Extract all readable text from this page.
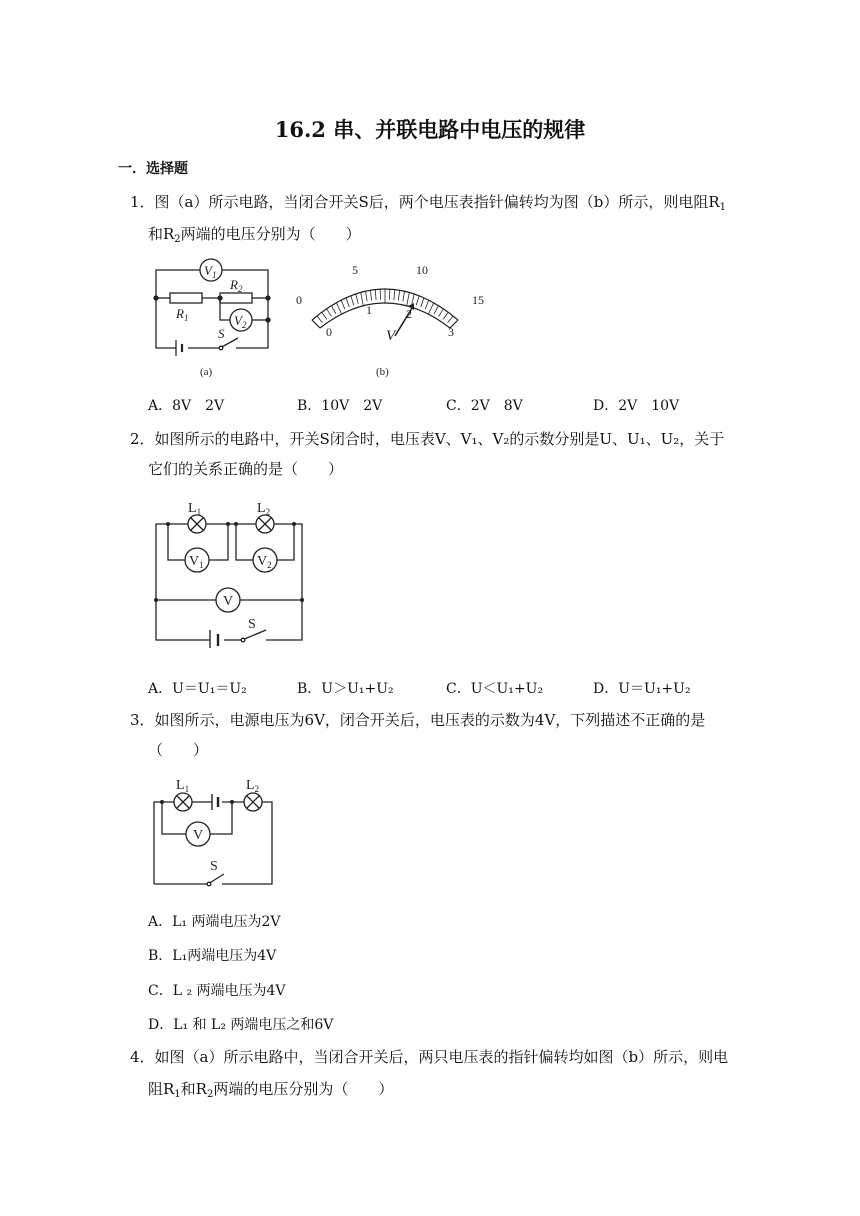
16.2 串、并联电路中电压的规律
一．选择题
1．图（a）所示电路，当闭合开关S后，两个电压表指针偏转均为图（b）所示，则电阻$R_1$
和$R_2$两端的电压分别为（　　）
$V_1$
$V_2$
$R_1$
$R_2$
S
(a)
0
5	10
15
0
1	2
3
V
(b)
A．8V　2V	B．10V　2V	C．2V　8V	D．2V　10V
2．如图所示的电路中，开关S闭合时，电压表V、V₁、V₂的示数分别是U、U₁、U₂，关于
它们的关系正确的是（　　）
$L_1$	$L_2$
$V_1$	$V_2$
V
S
A．U＝U₁＝U₂	B．U＞U₁+U₂	C．U＜U₁+U₂	D．U＝U₁+U₂
3．如图所示，电源电压为6V，闭合开关后，电压表的示数为4V，下列描述不正确的是
（　　）
$L_1$	$L_2$
V
S
A．L₁ 两端电压为2V
B．L₁两端电压为4V
C．L ₂ 两端电压为4V
D．L₁ 和 L₂ 两端电压之和6V
4．如图（a）所示电路中，当闭合开关后，两只电压表的指针偏转均如图（b）所示，则电
阻$R_1$和$R_2$两端的电压分别为（　　）
